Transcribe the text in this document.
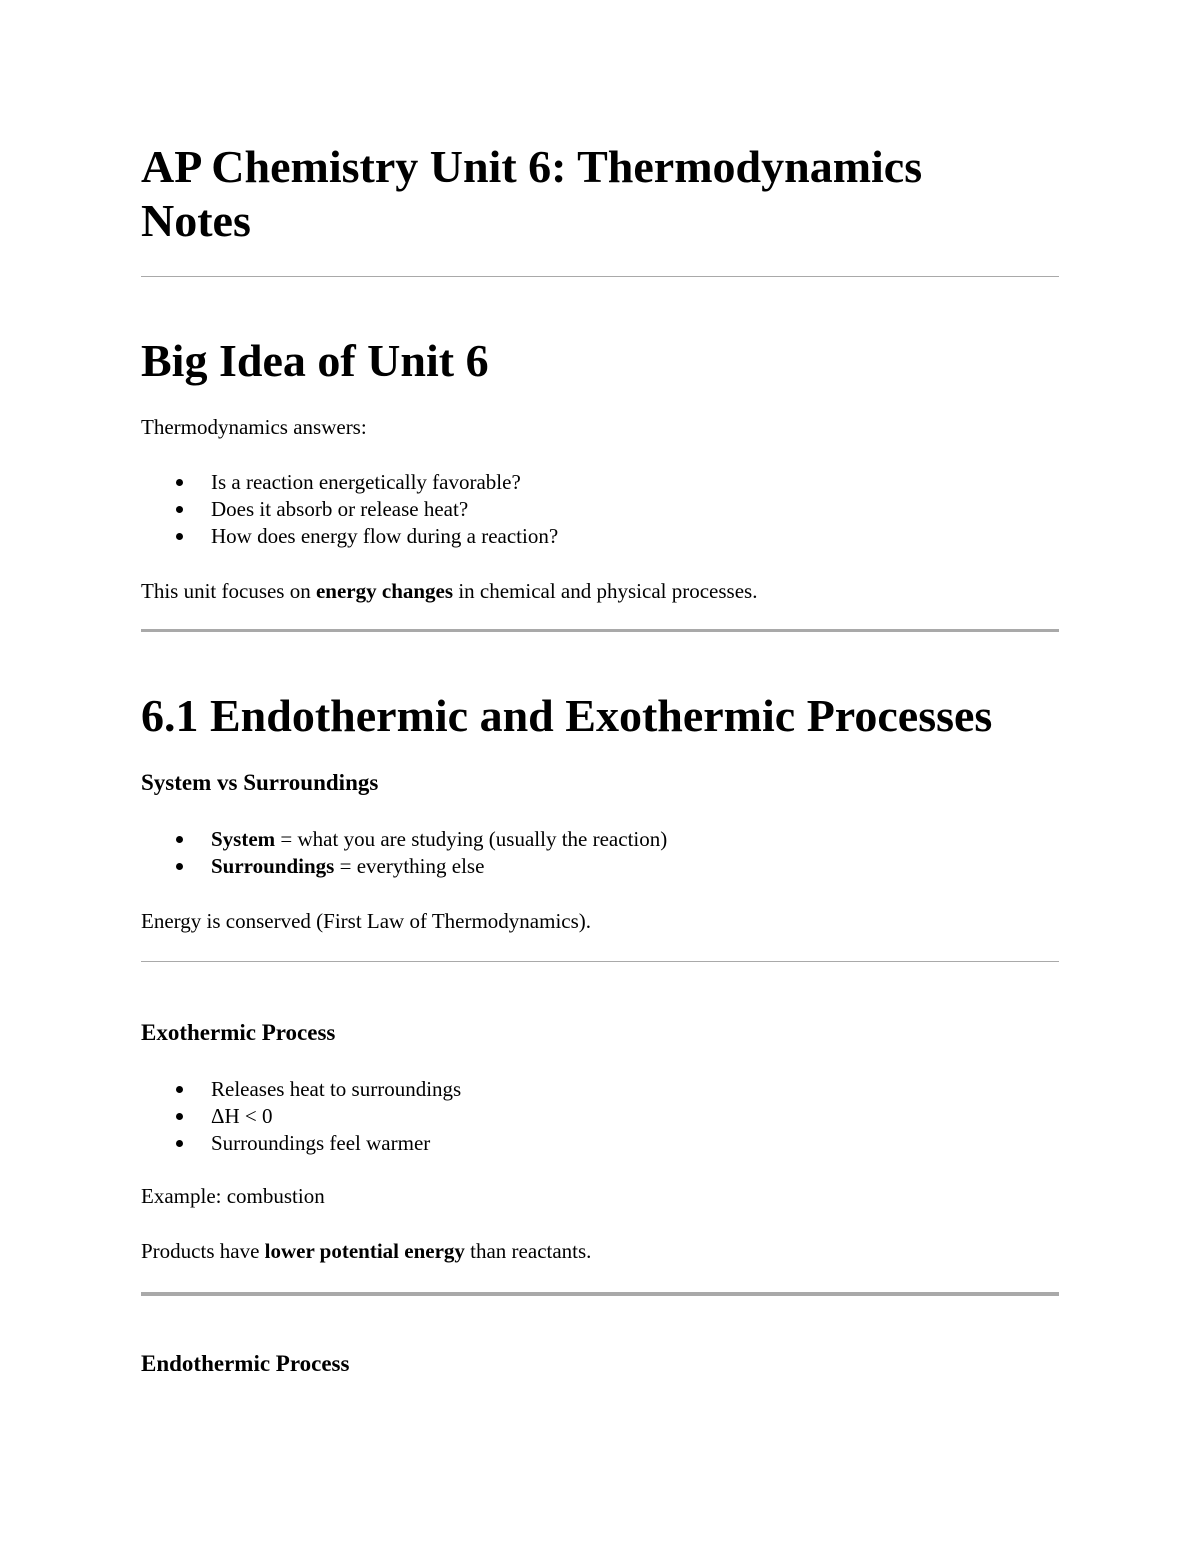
AP Chemistry Unit 6: Thermodynamics Notes
Big Idea of Unit 6

Thermodynamics answers:

Is a reaction energetically favorable?
Does it absorb or release heat?
How does energy flow during a reaction?

This unit focuses on energy changes in chemical and physical processes.

6.1 Endothermic and Exothermic Processes
System vs Surroundings
System = what you are studying (usually the reaction)
Surroundings = everything else

Energy is conserved (First Law of Thermodynamics).

Exothermic Process
Releases heat to surroundings
ΔH < 0
Surroundings feel warmer

Example: combustion

Products have lower potential energy than reactants.

Endothermic Process
